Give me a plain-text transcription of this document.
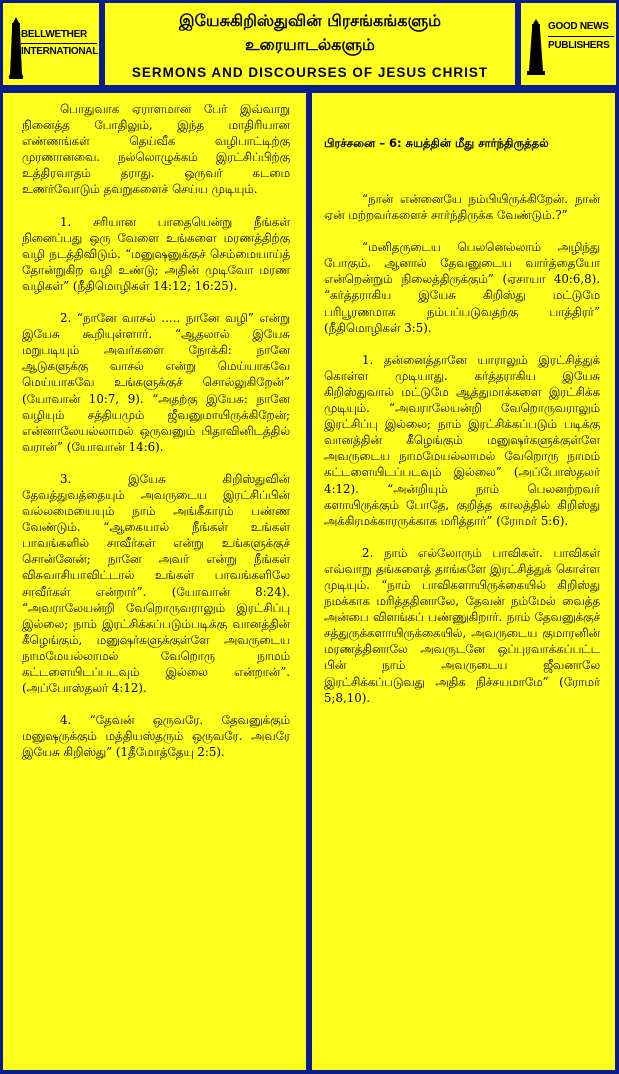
BELLWETHER
INTERNATIONAL
இயேசுகிறிஸ்துவின் பிரசங்கங்களும்
உரையாடல்களும்
SERMONS AND DISCOURSES OF JESUS CHRIST
GOOD NEWS
PUBLISHERS

பொதுவாக ஏராளமான பேர் இவ்வாறு நினைத்த போதிலும், இந்த மாதிரியான எண்ணங்கள் தெய்வீக வழிபாட்டிற்கு முரணானவை. நல்லொழுக்கம் இரட்சிப்பிற்கு உத்திரவாதம் தராது. ஒருவர் கடமை உணர்வோடும் தவறுகளைச் செய்ய முடியும்.

1. சரியான பாதையென்று நீங்கள் நினைப்பது ஒரு வேளை உங்களை மரணத்திற்கு வழி நடத்திவிடும். “மனுஷனுக்குச் செம்மையாய்த் தோன்றுகிற வழி உண்டு; அதின் முடிவோ மரண வழிகள்” (நீதிமொழிகள் 14:12; 16:25).

2. “நானே வாசல் ..... நானே வழி” என்று இயேசு கூறியுள்ளார். “ஆதலால் இயேசு மறுபடியும் அவர்களை நோக்கி: நானே ஆடுகளுக்கு வாசல் என்று மெய்யாகவே மெய்யாகவே உங்களுக்குச் சொல்லுகிறேன்” (யோவான் 10:7, 9). “அதற்கு இயேசு: நானே வழியும் சத்தியமும் ஜீவனுமாயிருக்கிறேன்; என்னாலேயல்லாமல் ஒருவனும் பிதாவினிடத்தில் வரான்” (யோவான் 14:6).

3. இயேசு கிறிஸ்துவின் தேவத்துவத்தையும் அவருடைய இரட்சிப்பின் வல்லமையையும் நாம் அங்கீகாரம் பண்ண வேண்டும். “ஆகையால் நீங்கள் உங்கள் பாவங்களில் சாவீர்கள் என்று உங்களுக்குச் சொன்னேன்; நானே அவர் என்று நீங்கள் விசுவாசியாவிட்டால் உங்கள் பாவங்களிலே சாவீர்கள் என்றார்”. (யோவான் 8:24). “அவராலேயன்றி வேறொருவராலும் இரட்சிப்பு இல்லை; நாம் இரட்சிக்கப்படும்படிக்கு வானத்தின் கீழெங்கும், மனுஷர்களுக்குள்ளே அவருடைய நாமமேயல்லாமல் வேறொரு நாமம் கட்டளையிடப்படவும் இல்லை என்றான்”. (அப்போஸ்தலர் 4:12).

4. “தேவன் ஒருவரே. தேவனுக்கும் மனுஷருக்கும் மத்தியஸ்தரும் ஒருவரே. அவரே இயேசு கிறிஸ்து” (1தீமோத்தேயு 2:5).

பிரச்சனை – 6: சுயத்தின் மீது சார்ந்திருத்தல்

“நான் என்னையே நம்பியிருக்கிறேன். நான் ஏன் மற்றவர்களைச் சார்ந்திருக்க வேண்டும்.?”

“மனிதருடைய பெலனெல்லாம் அழிந்து போகும். ஆனால் தேவனுடைய வார்த்தையோ என்றென்றும் நிலைத்திருக்கும்” (ஏசாயா 40:6,8). “கர்த்தராகிய இயேசு கிறிஸ்து மட்டுமே பரிபூரணமாக நம்பப்படுவதற்கு பாத்திரர்” (நீதிமொழிகள் 3:5).

1. தன்னைத்தானே யாராலும் இரட்சித்துக் கொள்ள முடியாது. கர்த்தராகிய இயேசு கிறிஸ்துவால் மட்டுமே ஆத்துமாக்களை இரட்சிக்க முடியும். “அவராலேயன்றி வேறொருவராலும் இரட்சிப்பு இல்லை; நாம் இரட்சிக்கப்படும் படிக்கு வானத்தின் கீழெங்கும் மனுஷர்களுக்குள்ளே அவருடைய நாமமேயல்லாமல் வேறொரு நாமம் கட்டளையிடப்படவும் இல்லை” (அப்போஸ்தலர் 4:12). “அன்றியும் நாம் பெலனற்றவர் களாயிருக்கும் போதே, குறித்த காலத்தில் கிறிஸ்து அக்கிரமக்காரருக்காக மரித்தார்” (ரோமர் 5:6).

2. நாம் எல்லோரும் பாவிகள். பாவிகள் எவ்வாறு தங்களைத் தாங்களே இரட்சித்துக் கொள்ள முடியும். “நாம் பாவிகளாயிருக்கையில் கிறிஸ்து நமக்காக மரித்ததினாலே, தேவன் நம்மேல் வைத்த அன்பை விளங்கப் பண்ணுகிறார். நாம் தேவனுக்குச் சத்துருக்களாயிருக்கையில், அவருடைய குமாரனின் மரணத்தினாலே அவருடனே ஒப்புரவாக்கப்பட்ட பின் நாம் அவருடைய ஜீவனாலே இரட்சிக்கப்படுவது அதிக நிச்சயமாமே” (ரோமர் 5;8,10).
